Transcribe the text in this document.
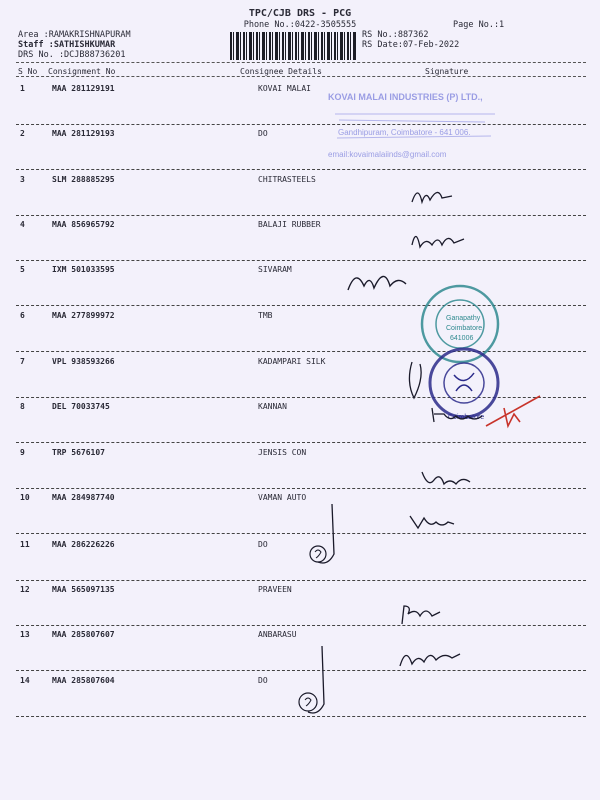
TPC/CJB DRS - PCG
Phone No.:0422-3505555	Page No.:1
Area :RAMAKRISHNAPURAM
Staff :SATHISHKUMAR
DRS No. :DCJB88736201
RS No.:887362
RS Date:07-Feb-2022
S No Consignment No	Consignee Details	Signature
1	MAA 281129191	KOVAI MALAI
2	MAA 281129193	DO
3	SLM 288885295	CHITRASTEELS
4	MAA 856965792	BALAJI RUBBER
5	IXM 501033595	SIVARAM
6	MAA 277899972	TMB
7	VPL 938593266	KADAMPARI SILK
8	DEL 70033745	KANNAN
9	TRP 5676107	JENSIS CON
10	MAA 284987740	VAMAN AUTO
11	MAA 286226226	DO
12	MAA 565097135	PRAVEEN
13	MAA 285807607	ANBARASU
14	MAA 285807604	DO
KOVAI MALAI INDUSTRIES (P) LTD.,
Gandhipuram, Coimbatore - 641 006.
email:kovaimalaiinds@gmail.com
Ganapathy
Coimbatore
641006
Coimbatore
